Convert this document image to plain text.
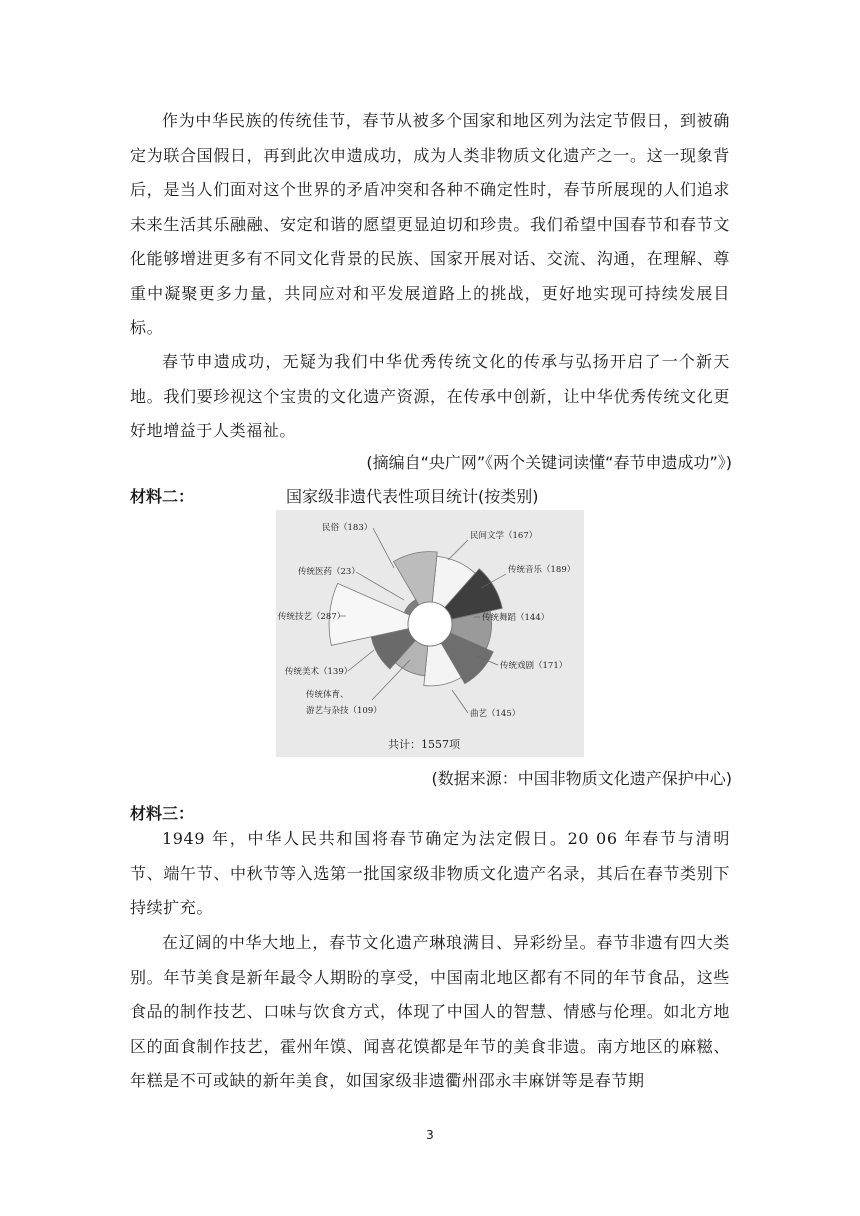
作为中华民族的传统佳节，春节从被多个国家和地区列为法定节假日，到被确定为联合国假日，再到此次申遗成功，成为人类非物质文化遗产之一。这一现象背后，是当人们面对这个世界的矛盾冲突和各种不确定性时，春节所展现的人们追求未来生活其乐融融、安定和谐的愿望更显迫切和珍贵。我们希望中国春节和春节文化能够增进更多有不同文化背景的民族、国家开展对话、交流、沟通，在理解、尊重中凝聚更多力量，共同应对和平发展道路上的挑战，更好地实现可持续发展目标。

春节申遗成功，无疑为我们中华优秀传统文化的传承与弘扬开启了一个新天地。我们要珍视这个宝贵的文化遗产资源，在传承中创新，让中华优秀传统文化更好地增益于人类福祉。

(摘编自“央广网”《两个关键词读懂“春节申遗成功”》)

材料二：	国家级非遗代表性项目统计(按类别)

民间文学（167）
传统音乐（189）
传统舞蹈（144）
传统戏剧（171）
曲艺（145）
传统体育、
游艺与杂技（109）
传统美术（139）
传统技艺（287）
传统医药（23）
民俗（183）
共计：1557项

(数据来源：中国非物质文化遗产保护中心)

材料三：

1949 年，中华人民共和国将春节确定为法定假日。20 06 年春节与清明节、端午节、中秋节等入选第一批国家级非物质文化遗产名录，其后在春节类别下持续扩充。

在辽阔的中华大地上，春节文化遗产琳琅满目、异彩纷呈。春节非遗有四大类别。年节美食是新年最令人期盼的享受，中国南北地区都有不同的年节食品，这些食品的制作技艺、口味与饮食方式，体现了中国人的智慧、情感与伦理。如北方地区的面食制作技艺，霍州年馍、闻喜花馍都是年节的美食非遗。南方地区的麻糍、年糕是不可或缺的新年美食，如国家级非遗衢州邵永丰麻饼等是春节期

3
